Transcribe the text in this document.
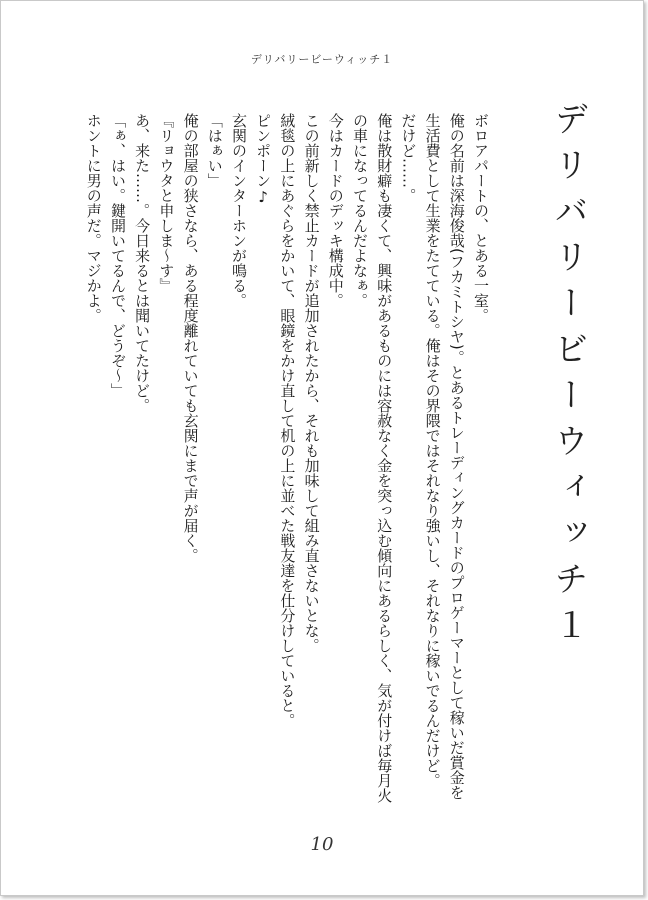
デリバリービーウィッチ１
デリバリービーウィッチ１
ボロアパートの、とある一室。
俺の名前は深海俊哉(フカミトシヤ)。とあるトレーディングカードのプロゲーマーとして稼いだ賞金を
生活費として生業をたてている。俺はその界隈ではそれなり強いし、それなりに稼いでるんだけど。
だけど……。
俺は散財癖も凄くて、興味があるものには容赦なく金を突っ込む傾向にあるらしく、気が付けば毎月火
の車になってるんだよなぁ。
今はカードのデッキ構成中。
この前新しく禁止カードが追加されたから、それも加味して組み直さないとな。
絨毯の上にあぐらをかいて、眼鏡をかけ直して机の上に並べた戦友達を仕分けしていると。
ピンポーン♪
玄関のインターホンが鳴る。
「はぁい」
俺の部屋の狭さなら、ある程度離れていても玄関にまで声が届く。
『リョウタと申しま～す』
あ、来た……。今日来るとは聞いてたけど。
「ぁ、はい。鍵開いてるんで、どうぞ～」
ホントに男の声だ。マジかよ。
10
